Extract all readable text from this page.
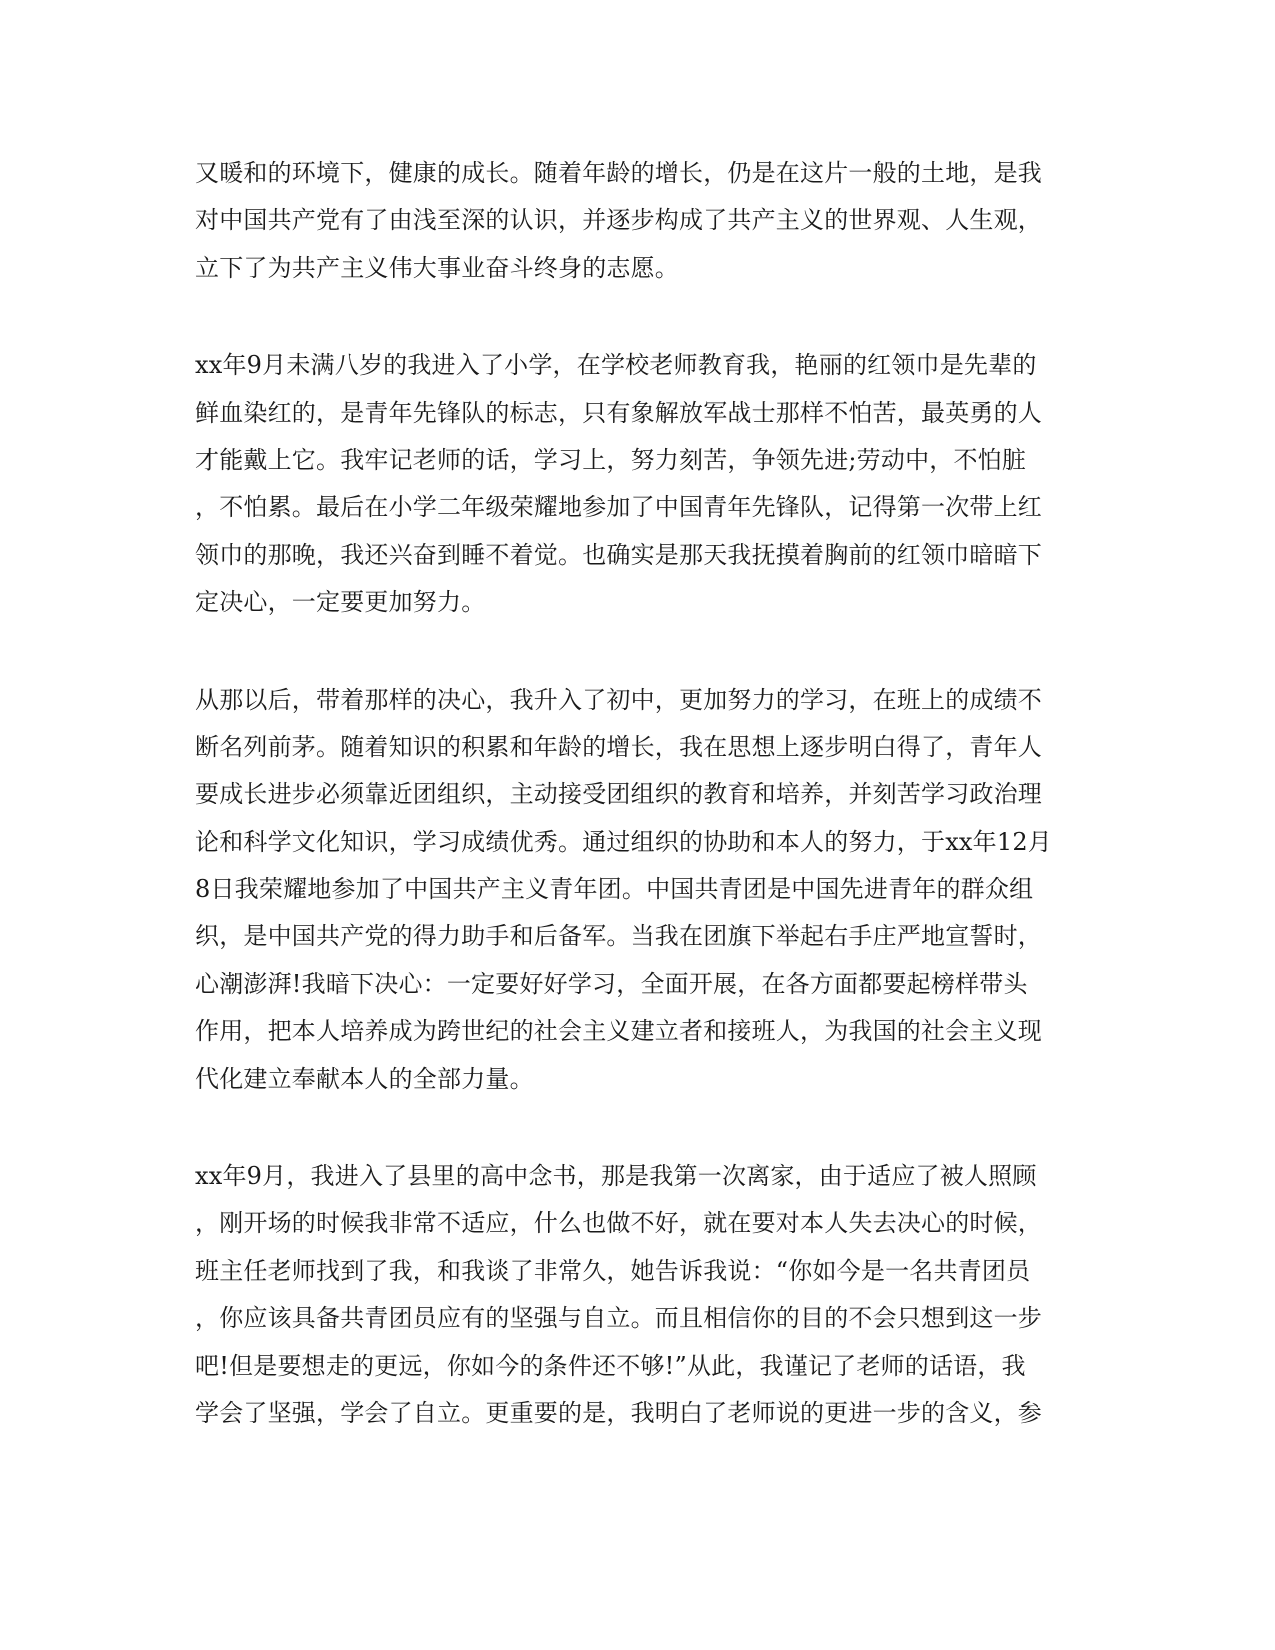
又暖和的环境下，健康的成长。随着年龄的增长，仍是在这片一般的土地，是我
对中国共产党有了由浅至深的认识，并逐步构成了共产主义的世界观、人生观，
立下了为共产主义伟大事业奋斗终身的志愿。
xx年9月未满八岁的我进入了小学，在学校老师教育我，艳丽的红领巾是先辈的
鲜血染红的，是青年先锋队的标志，只有象解放军战士那样不怕苦，最英勇的人
才能戴上它。我牢记老师的话，学习上，努力刻苦，争领先进;劳动中，不怕脏
，不怕累。最后在小学二年级荣耀地参加了中国青年先锋队，记得第一次带上红
领巾的那晚，我还兴奋到睡不着觉。也确实是那天我抚摸着胸前的红领巾暗暗下
定决心，一定要更加努力。
从那以后，带着那样的决心，我升入了初中，更加努力的学习，在班上的成绩不
断名列前茅。随着知识的积累和年龄的增长，我在思想上逐步明白得了，青年人
要成长进步必须靠近团组织，主动接受团组织的教育和培养，并刻苦学习政治理
论和科学文化知识，学习成绩优秀。通过组织的协助和本人的努力，于xx年12月
8日我荣耀地参加了中国共产主义青年团。中国共青团是中国先进青年的群众组
织，是中国共产党的得力助手和后备军。当我在团旗下举起右手庄严地宣誓时，
心潮澎湃!我暗下决心：一定要好好学习，全面开展，在各方面都要起榜样带头
作用，把本人培养成为跨世纪的社会主义建立者和接班人，为我国的社会主义现
代化建立奉献本人的全部力量。
xx年9月，我进入了县里的高中念书，那是我第一次离家，由于适应了被人照顾
，刚开场的时候我非常不适应，什么也做不好，就在要对本人失去决心的时候，
班主任老师找到了我，和我谈了非常久，她告诉我说：“你如今是一名共青团员
，你应该具备共青团员应有的坚强与自立。而且相信你的目的不会只想到这一步
吧!但是要想走的更远，你如今的条件还不够!”从此，我谨记了老师的话语，我
学会了坚强，学会了自立。更重要的是，我明白了老师说的更进一步的含义，参
